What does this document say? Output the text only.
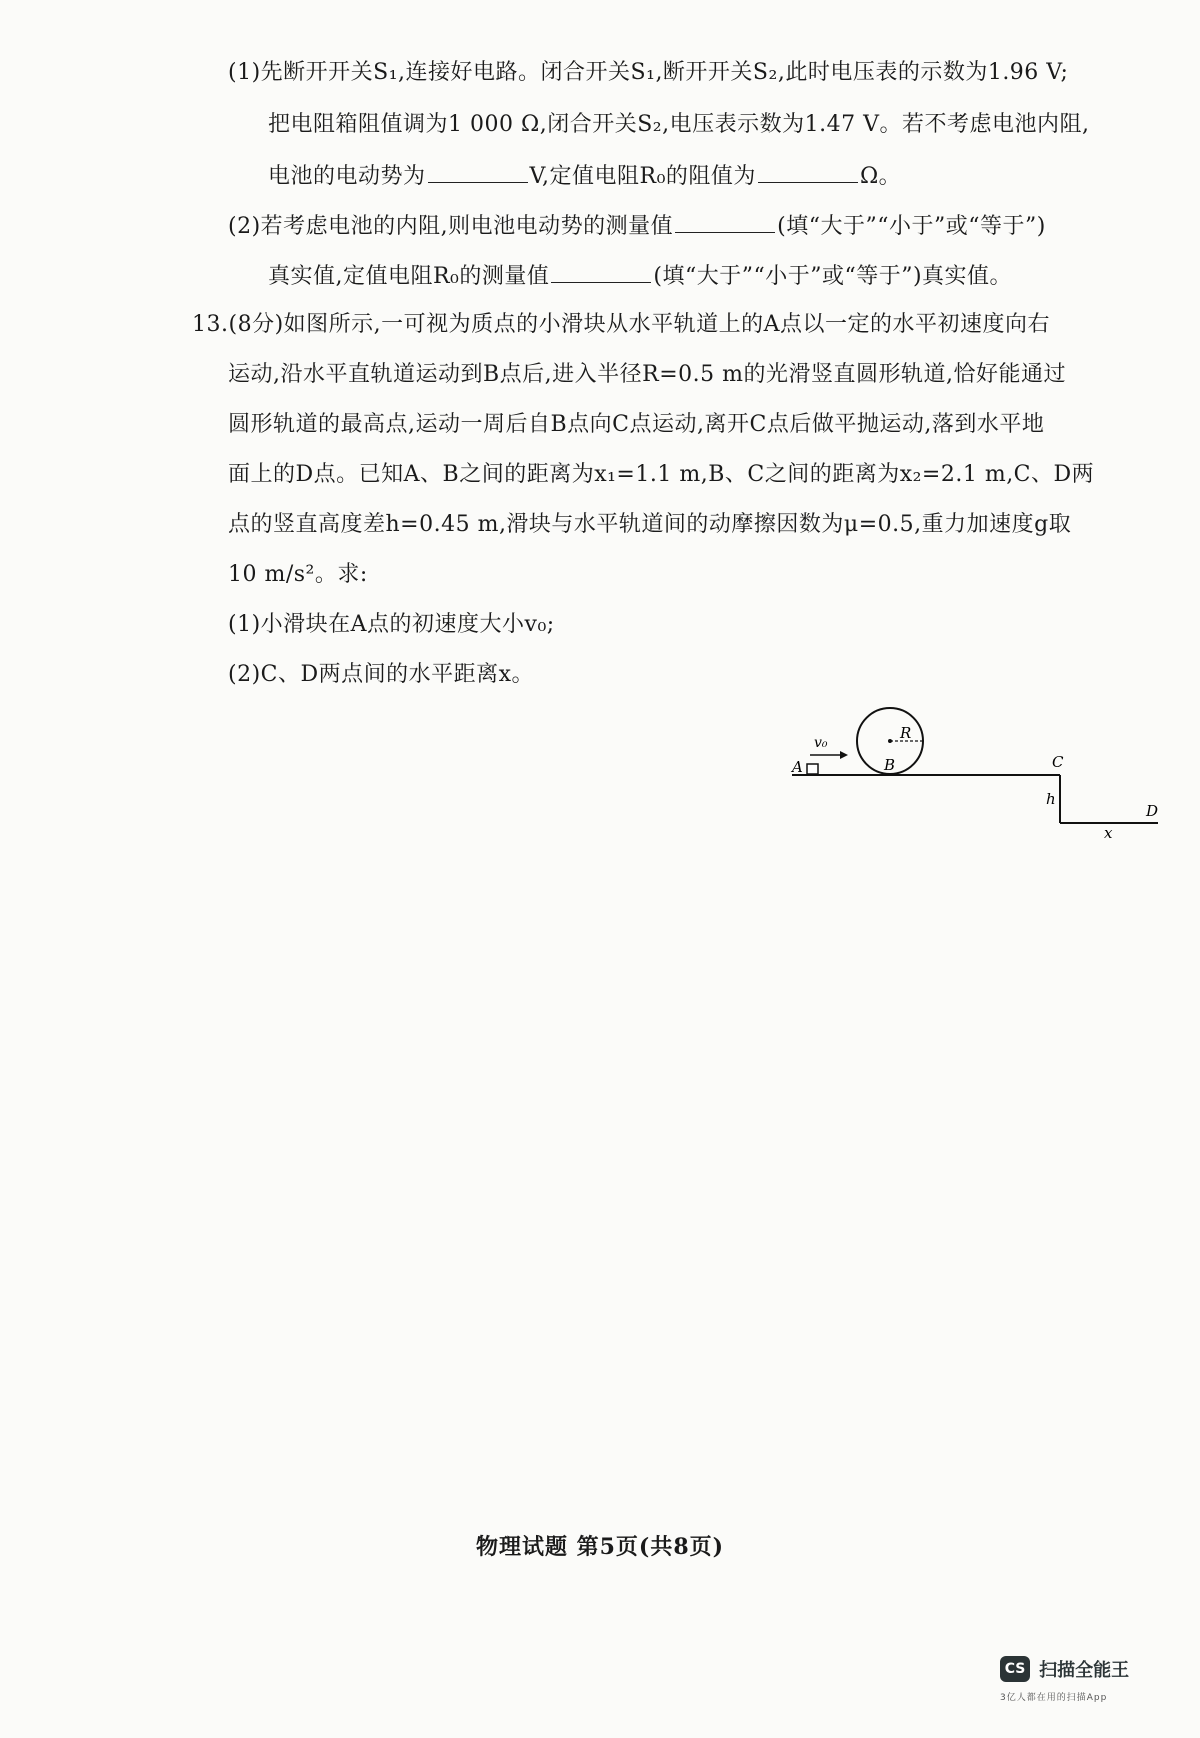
(1)先断开开关S₁,连接好电路。闭合开关S₁,断开开关S₂,此时电压表的示数为1.96 V;
把电阻箱阻值调为1 000 Ω,闭合开关S₂,电压表示数为1.47 V。若不考虑电池内阻,
电池的电动势为	V,定值电阻R₀的阻值为	Ω。
(2)若考虑电池的内阻,则电池电动势的测量值	(填“大于”“小于”或“等于”)
真实值,定值电阻R₀的测量值	(填“大于”“小于”或“等于”)真实值。
13.(8分)如图所示,一可视为质点的小滑块从水平轨道上的A点以一定的水平初速度向右
运动,沿水平直轨道运动到B点后,进入半径R=0.5 m的光滑竖直圆形轨道,恰好能通过
圆形轨道的最高点,运动一周后自B点向C点运动,离开C点后做平抛运动,落到水平地
面上的D点。已知A、B之间的距离为x₁=1.1 m,B、C之间的距离为x₂=2.1 m,C、D两
点的竖直高度差h=0.45 m,滑块与水平轨道间的动摩擦因数为μ=0.5,重力加速度g取
10 m/s²。求:
(1)小滑块在A点的初速度大小v₀;
(2)C、D两点间的水平距离x。
v₀
A	B
R
C
h
D
x
物理试题 第5页(共8页)
CS 扫描全能王
3亿人都在用的扫描App
